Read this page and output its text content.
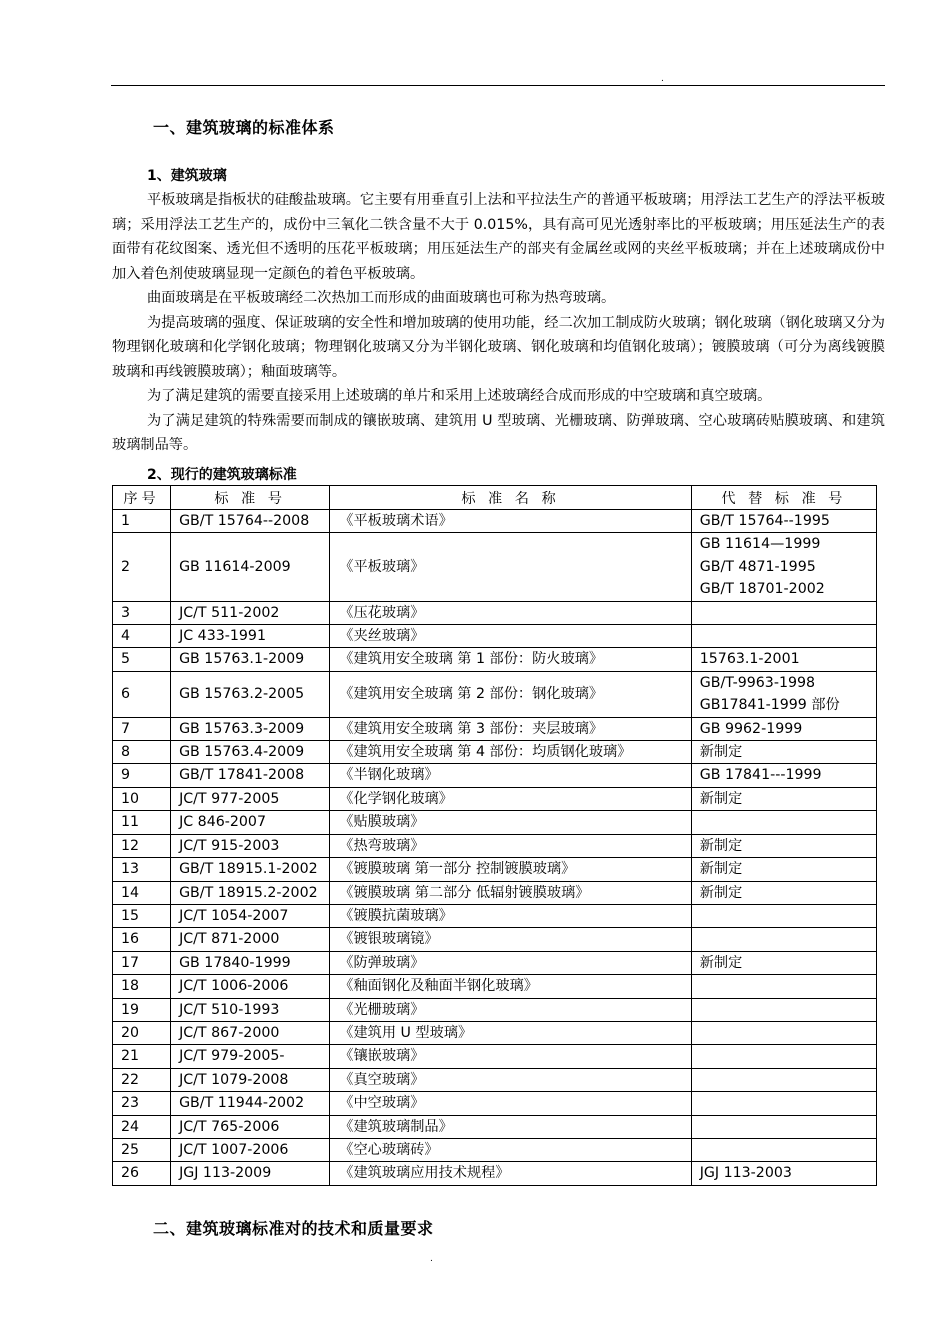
.
一、建筑玻璃的标准体系
1、建筑玻璃

平板玻璃是指板状的硅酸盐玻璃。它主要有用垂直引上法和平拉法生产的普通平板玻璃；用浮法工艺生产的浮法平板玻璃；采用浮法工艺生产的，成份中三氧化二铁含量不大于 0.015%，具有高可见光透射率比的平板玻璃；用压延法生产的表面带有花纹图案、透光但不透明的压花平板玻璃；用压延法生产的部夹有金属丝或网的夹丝平板玻璃；并在上述玻璃成份中加入着色剂使玻璃显现一定颜色的着色平板玻璃。

曲面玻璃是在平板玻璃经二次热加工而形成的曲面玻璃也可称为热弯玻璃。

为提高玻璃的强度、保证玻璃的安全性和增加玻璃的使用功能，经二次加工制成防火玻璃；钢化玻璃（钢化玻璃又分为物理钢化玻璃和化学钢化玻璃；物理钢化玻璃又分为半钢化玻璃、钢化玻璃和均值钢化玻璃）；镀膜玻璃（可分为离线镀膜玻璃和再线镀膜玻璃）；釉面玻璃等。

为了满足建筑的需要直接采用上述玻璃的单片和采用上述玻璃经合成而形成的中空玻璃和真空玻璃。

为了满足建筑的特殊需要而制成的镶嵌玻璃、建筑用 U 型玻璃、光栅玻璃、防弹玻璃、空心玻璃砖贴膜玻璃、和建筑玻璃制品等。

2、现行的建筑玻璃标准
序号	标 准 号	标 准 名 称	代 替 标 准 号
1	GB/T 15764--2008	《平板玻璃术语》	GB/T 15764--1995

2	GB 11614-2009	《平板玻璃》	GB 11614—1999
GB/T 4871-1995
GB/T 18701-2002

3	JC/T 511-2002	《压花玻璃》	
4	JC 433-1991	《夹丝玻璃》	
5	GB 15763.1-2009	《建筑用安全玻璃 第 1 部份：防火玻璃》	15763.1-2001

6	GB 15763.2-2005	《建筑用安全玻璃 第 2 部份：钢化玻璃》	GB/T-9963-1998
GB17841-1999 部份

7	GB 15763.3-2009	《建筑用安全玻璃 第 3 部份：夹层玻璃》	GB 9962-1999

8	GB 15763.4-2009	《建筑用安全玻璃 第 4 部份：均质钢化玻璃》	新制定

9	GB/T 17841-2008	《半钢化玻璃》	GB 17841---1999

10	JC/T 977-2005	《化学钢化玻璃》	新制定

11	JC 846-2007	《贴膜玻璃》	
12	JC/T 915-2003	《热弯玻璃》	新制定

13	GB/T 18915.1-2002	《镀膜玻璃 第一部分 控制镀膜玻璃》	新制定

14	GB/T 18915.2-2002	《镀膜玻璃 第二部分 低辐射镀膜玻璃》	新制定

15	JC/T 1054-2007	《镀膜抗菌玻璃》	
16	JC/T 871-2000	《镀银玻璃镜》	
17	GB 17840-1999	《防弹玻璃》	新制定

18	JC/T 1006-2006	《釉面钢化及釉面半钢化玻璃》	
19	JC/T 510-1993	《光栅玻璃》	
20	JC/T 867-2000	《建筑用 U 型玻璃》	
21	JC/T 979-2005-	《镶嵌玻璃》	
22	JC/T 1079-2008	《真空玻璃》	
23	GB/T 11944-2002	《中空玻璃》	
24	JC/T 765-2006	《建筑玻璃制品》	
25	JC/T 1007-2006	《空心玻璃砖》	
26	JGJ 113-2009	《建筑玻璃应用技术规程》	JGJ 113-2003
二、建筑玻璃标准对的技术和质量要求
.
